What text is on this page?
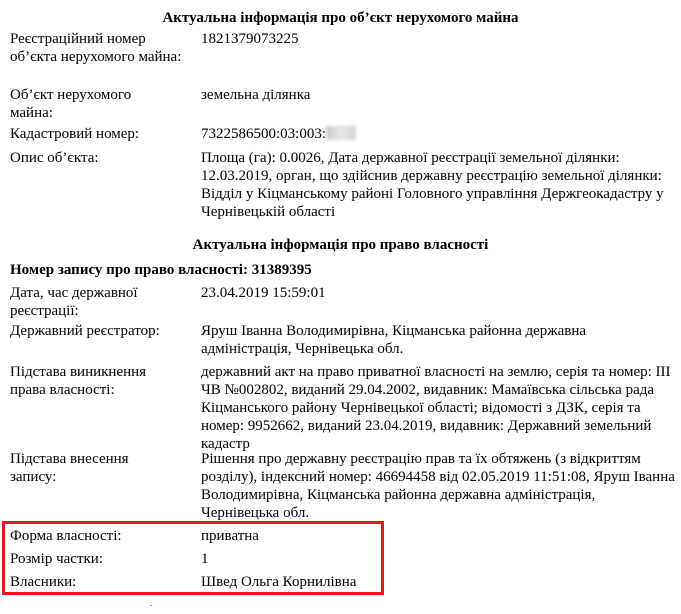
Актуальна інформація про об’єкт нерухомого майна
Реєстраційний номер об’єкта нерухомого майна:
1821379073225
Об’єкт нерухомого майна:
земельна ділянка
Кадастровий номер:	7322586500:03:003:
Опис об’єкта:	Площа (га): 0.0026, Дата державної реєстрації земельної ділянки: 12.03.2019, орган, що здійснив державну реєстрацію земельної ділянки: Відділ у Кіцманському районі Головного управління Держгеокадастру у Чернівецькій області
Актуальна інформація про право власності
Номер запису про право власності: 31389395
Дата, час державної реєстрації:
23.04.2019 15:59:01
Державний реєстратор:	Яруш Іванна Володимирівна, Кіцманська районна державна адміністрація, Чернівецька обл.
Підстава виникнення права власності:
державний акт на право приватної власності на землю, серія та номер: ІІІ ЧВ №002802, виданий 29.04.2002, видавник: Мамаївська сільська рада Кіцманського району Чернівецької області; відомості з ДЗК, серія та номер: 9952662, виданий 23.04.2019, видавник: Державний земельний кадастр
Підстава внесення запису:
Рішення про державну реєстрацію прав та їх обтяжень (з відкриттям розділу), індексний номер: 46694458 від 02.05.2019 11:51:08, Яруш Іванна Володимирівна, Кіцманська районна державна адміністрація, Чернівецька обл.
Форма власності:	приватна
Розмір частки:	1
Власники:	Швед Ольга Корнилівна
